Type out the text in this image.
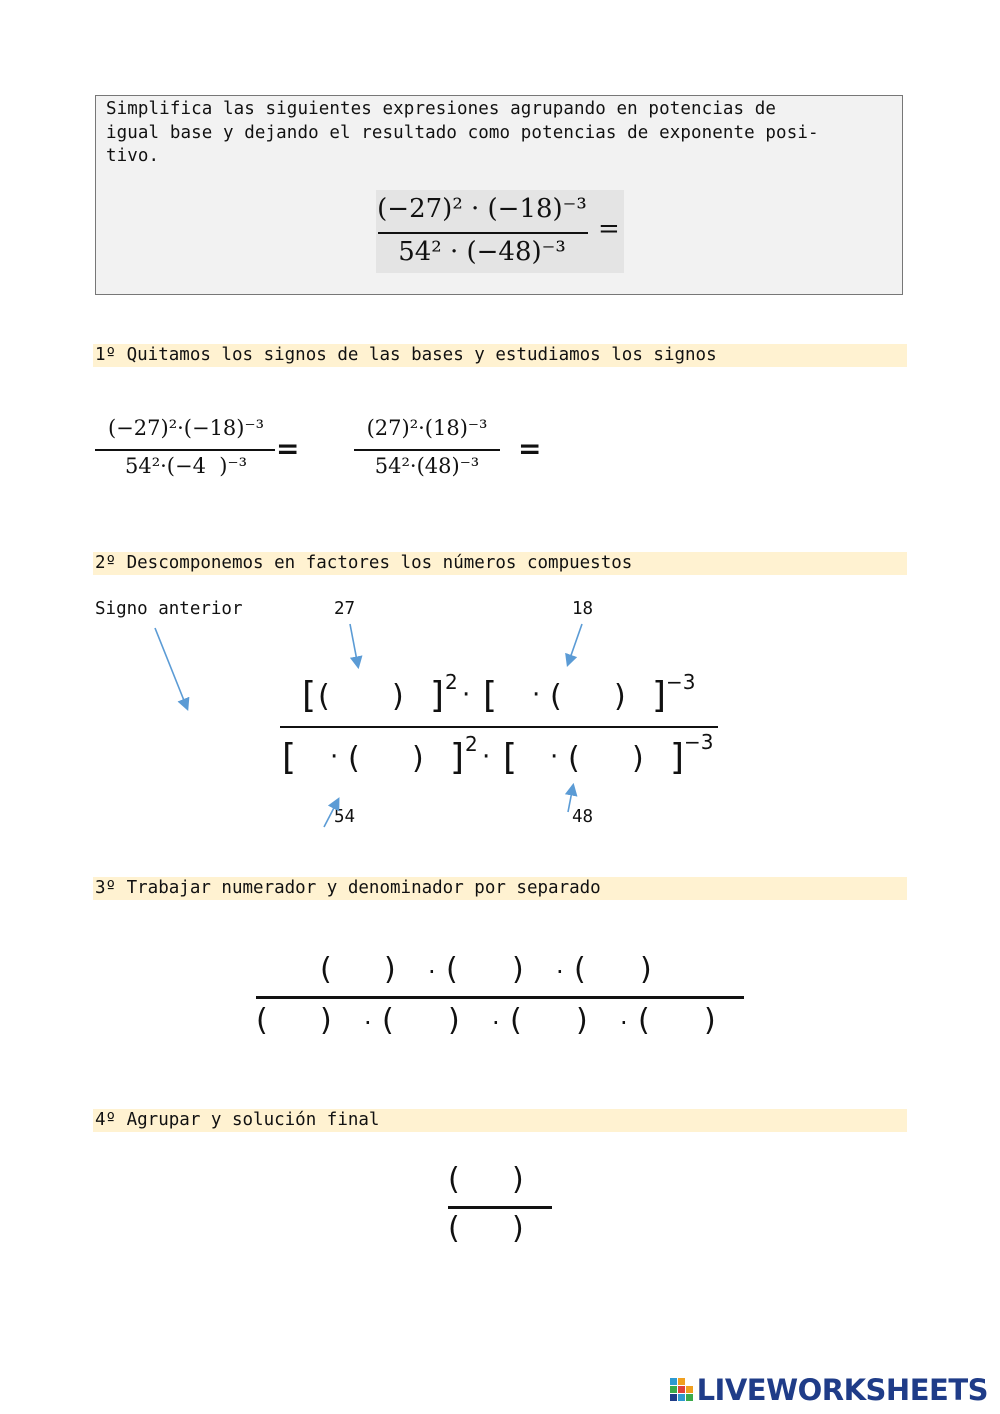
Simplifica las siguientes expresiones agrupando en potencias de
igual base y dejando el resultado como potencias de exponente posi-
tivo.
(−27)² · (−18)⁻³
54² · (−48)⁻³
=
1º Quitamos los signos de las bases y estudiamos los signos
(−27)²·(−18)⁻³
54²·(−4  )⁻³
=
(27)²·(18)⁻³
54²·(48)⁻³
=
2º Descomponemos en factores los números compuestos
Signo anterior	27	18
54	48
[ ( ) ] 2 · [ · ( ) ] −3
[ · ( ) ] 2 · [ · ( ) ] −3
3º Trabajar numerador y denominador por separado
( ) · ( ) · ( )
( ) · ( ) · ( ) · ( )
4º Agrupar y solución final
( )
( )
LIVEWORKSHEETS
